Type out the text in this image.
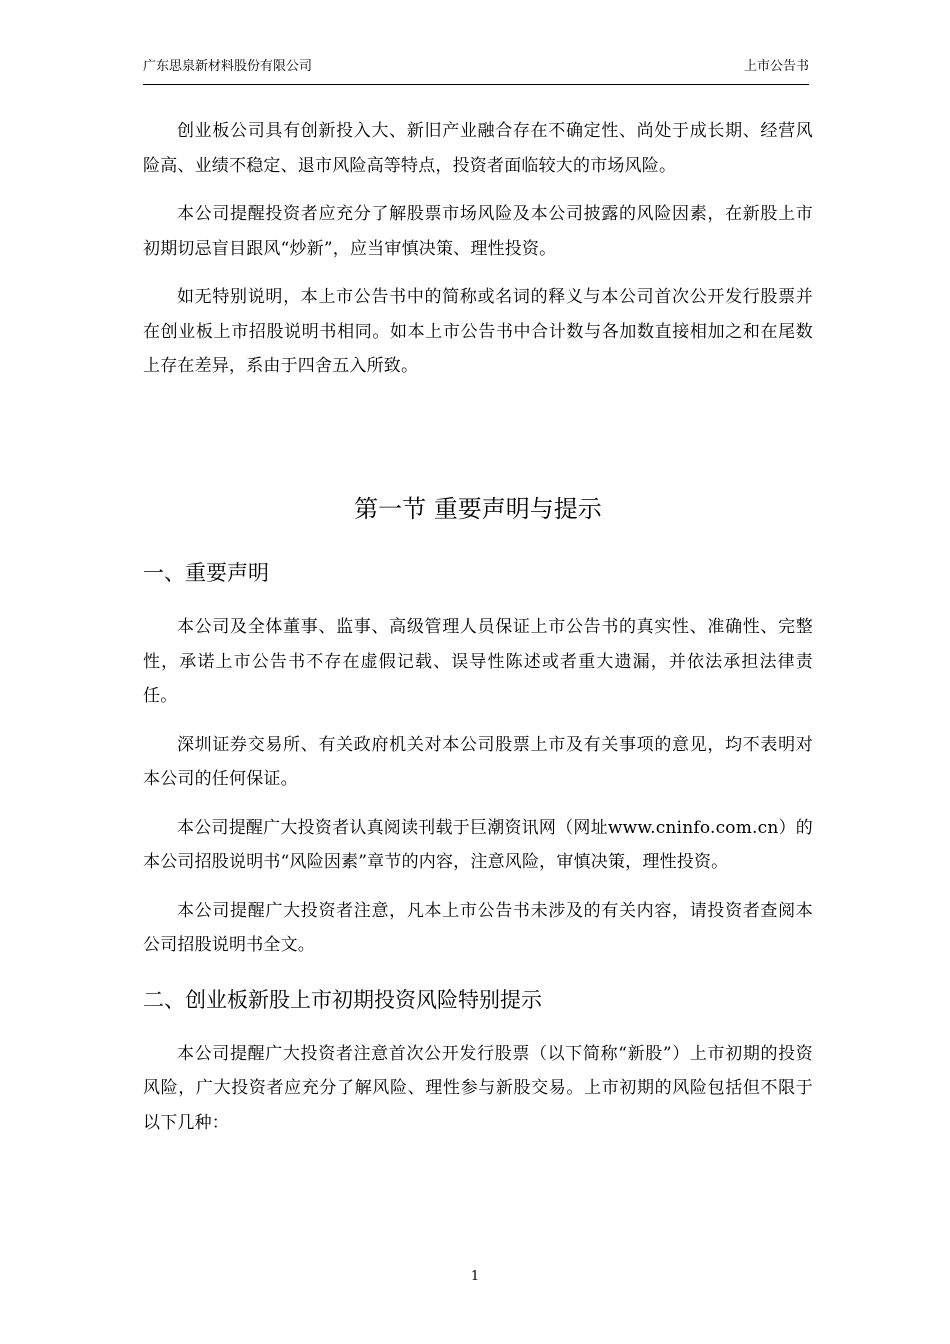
广东思泉新材料股份有限公司	上市公告书

创业板公司具有创新投入大、新旧产业融合存在不确定性、尚处于成长期、经营风险高、业绩不稳定、退市风险高等特点，投资者面临较大的市场风险。

本公司提醒投资者应充分了解股票市场风险及本公司披露的风险因素，在新股上市初期切忌盲目跟风“炒新”，应当审慎决策、理性投资。

如无特别说明，本上市公告书中的简称或名词的释义与本公司首次公开发行股票并在创业板上市招股说明书相同。如本上市公告书中合计数与各加数直接相加之和在尾数上存在差异，系由于四舍五入所致。

第一节 重要声明与提示
一、重要声明

本公司及全体董事、监事、高级管理人员保证上市公告书的真实性、准确性、完整性，承诺上市公告书不存在虚假记载、误导性陈述或者重大遗漏，并依法承担法律责任。

深圳证券交易所、有关政府机关对本公司股票上市及有关事项的意见，均不表明对本公司的任何保证。

本公司提醒广大投资者认真阅读刊载于巨潮资讯网（网址www.cninfo.com.cn）的本公司招股说明书“风险因素”章节的内容，注意风险，审慎决策，理性投资。

本公司提醒广大投资者注意，凡本上市公告书未涉及的有关内容，请投资者查阅本公司招股说明书全文。

二、创业板新股上市初期投资风险特别提示

本公司提醒广大投资者注意首次公开发行股票（以下简称“新股”）上市初期的投资风险，广大投资者应充分了解风险、理性参与新股交易。上市初期的风险包括但不限于以下几种：

1
